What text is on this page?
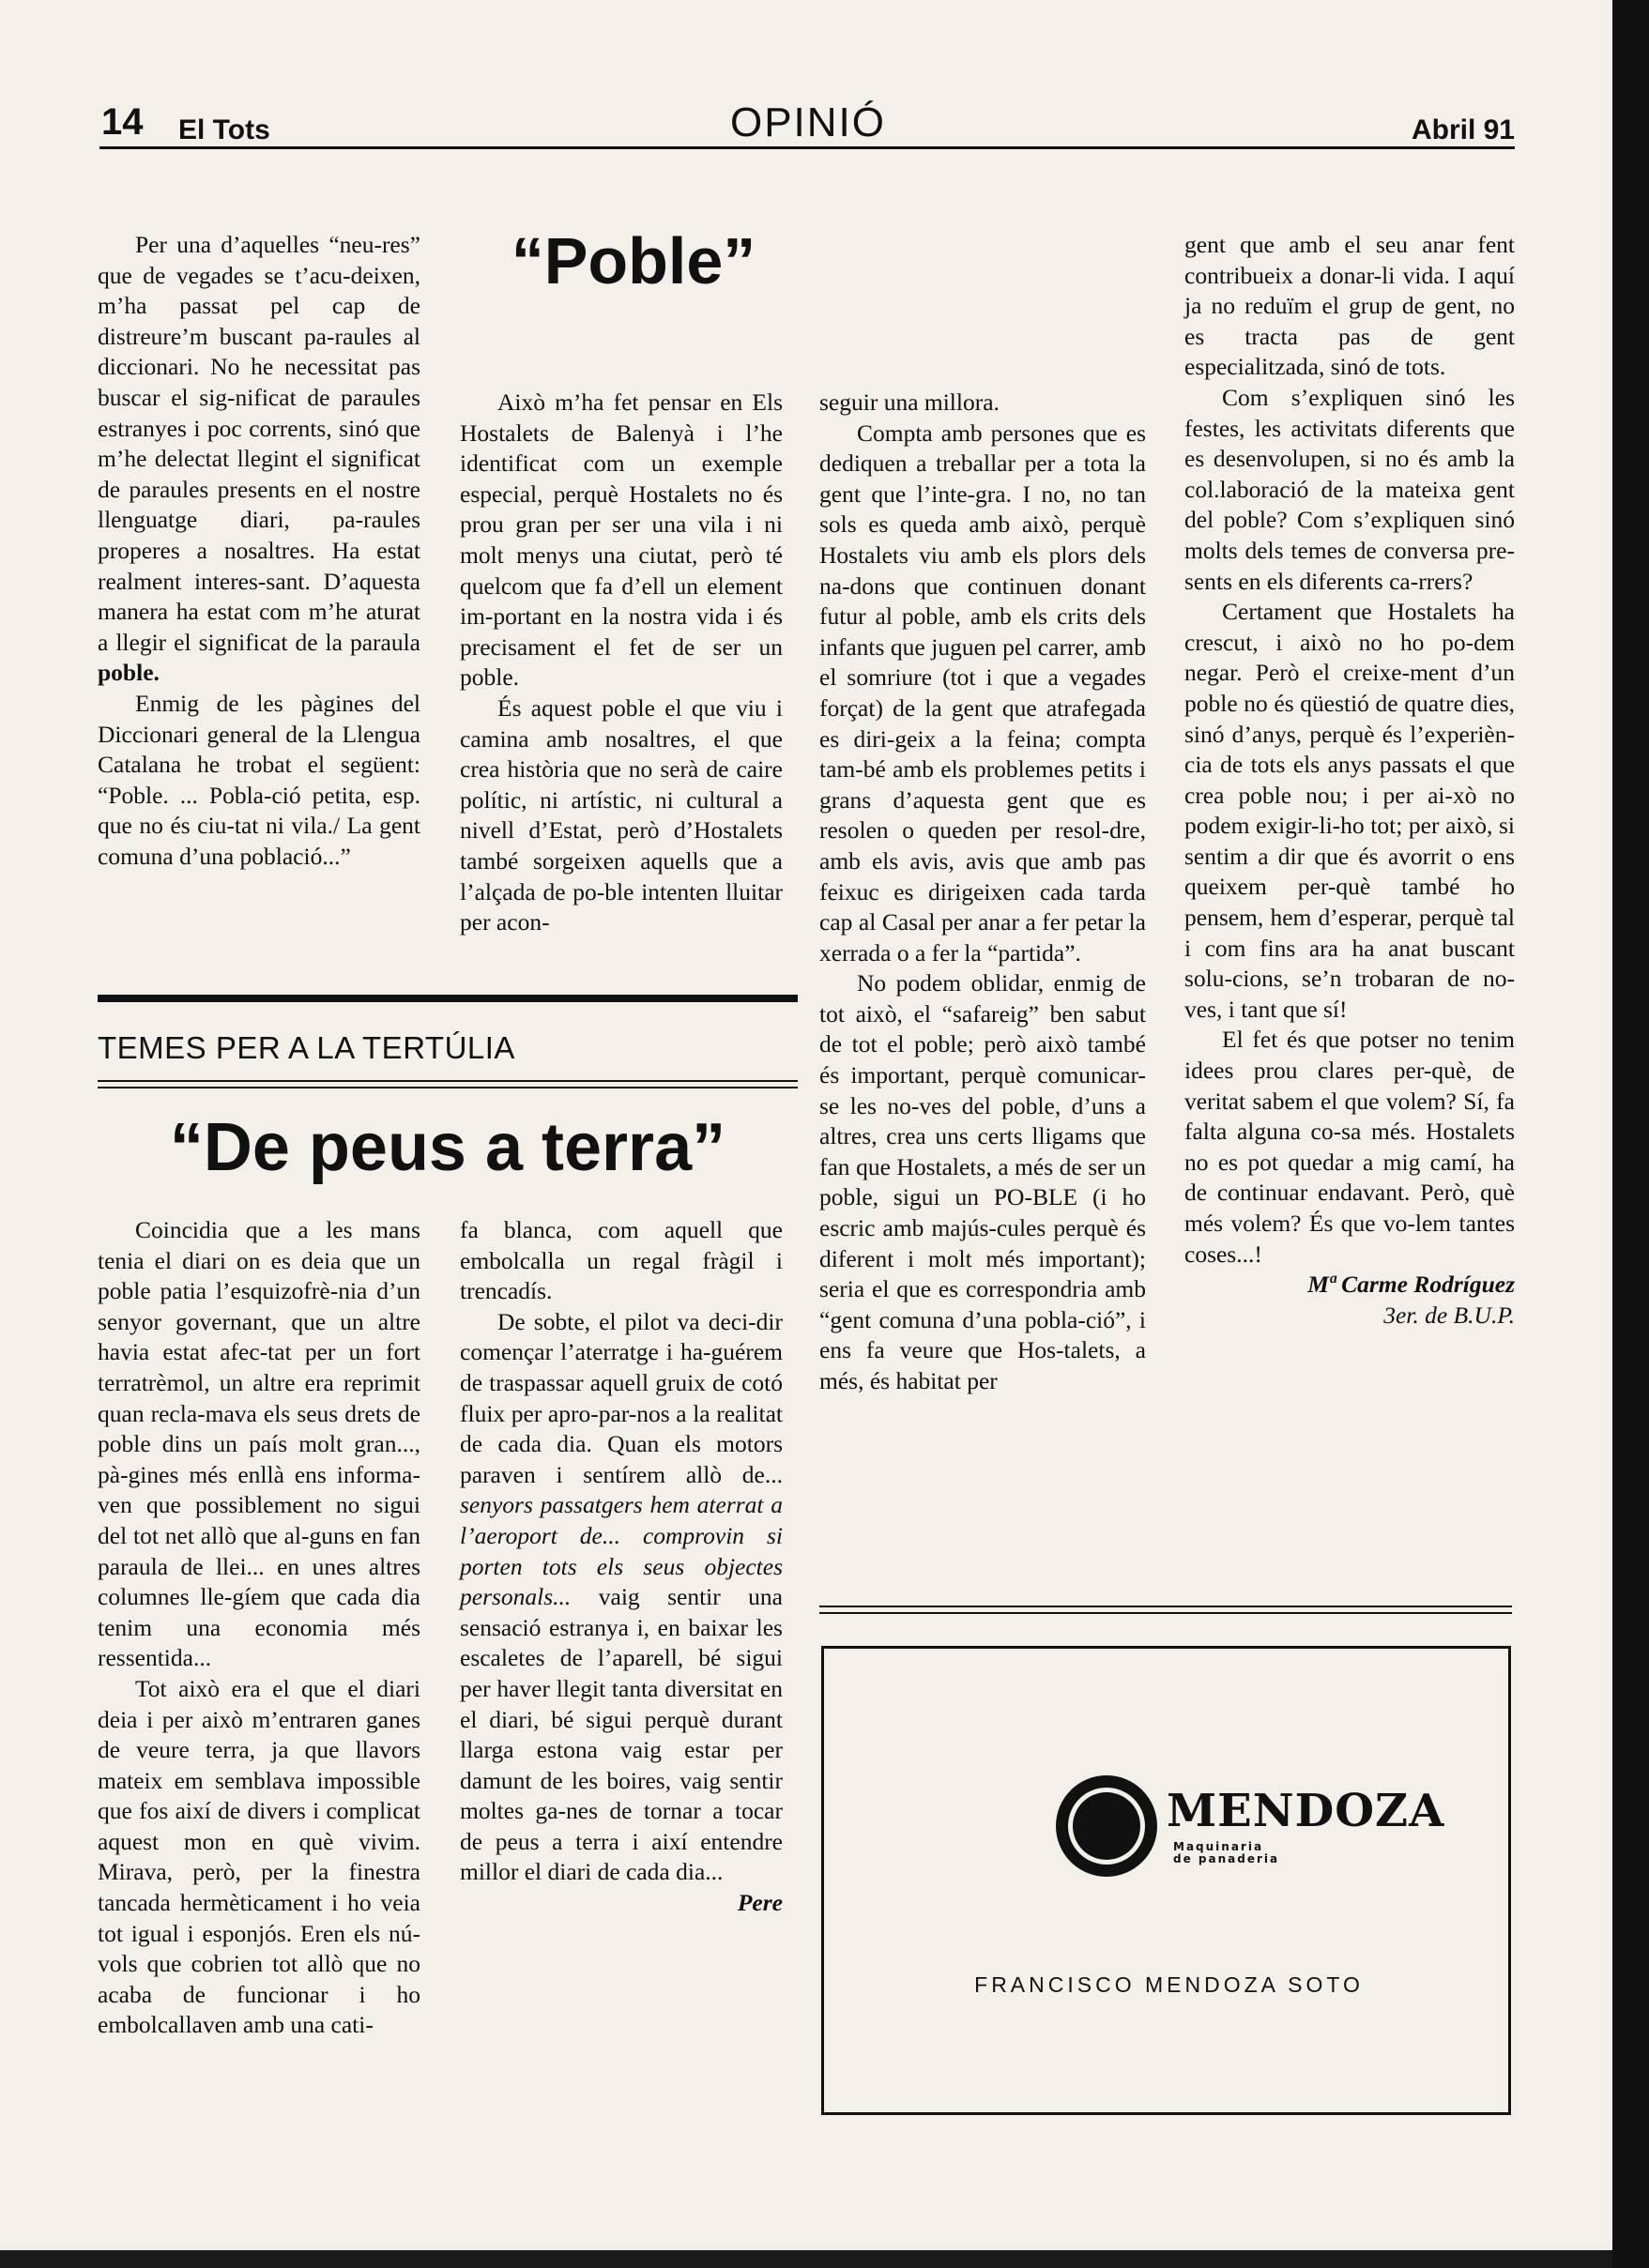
14 El Tots	OPINIÓ	Abril 91
“Poble”

Per una d’aquelles “neu-res” que de vegades se t’acu-deixen, m’ha passat pel cap de distreure’m buscant pa-raules al diccionari. No he necessitat pas buscar el sig-nificat de paraules estranyes i poc corrents, sinó que m’he delectat llegint el significat de paraules presents en el nostre llenguatge diari, pa-raules properes a nosaltres. Ha estat realment interes-sant. D’aquesta manera ha estat com m’he aturat a llegir el significat de la paraula poble.

Enmig de les pàgines del Diccionari general de la Llengua Catalana he trobat el següent: “Poble. ... Pobla-ció petita, esp. que no és ciu-tat ni vila./ La gent comuna d’una població...”

Això m’ha fet pensar en Els Hostalets de Balenyà i l’he identificat com un exemple especial, perquè Hostalets no és prou gran per ser una vila i ni molt menys una ciutat, però té quelcom que fa d’ell un element im-portant en la nostra vida i és precisament el fet de ser un poble.

És aquest poble el que viu i camina amb nosaltres, el que crea història que no serà de caire polític, ni artístic, ni cultural a nivell d’Estat, però d’Hostalets també sorgeixen aquells que a l’alçada de po-ble intenten lluitar per acon-

seguir una millora.

Compta amb persones que es dediquen a treballar per a tota la gent que l’inte-gra. I no, no tan sols es queda amb això, perquè Hostalets viu amb els plors dels na-dons que continuen donant futur al poble, amb els crits dels infants que juguen pel carrer, amb el somriure (tot i que a vegades forçat) de la gent que atrafegada es diri-geix a la feina; compta tam-bé amb els problemes petits i grans d’aquesta gent que es resolen o queden per resol-dre, amb els avis, avis que amb pas feixuc es dirigeixen cada tarda cap al Casal per anar a fer petar la xerrada o a fer la “partida”.

No podem oblidar, enmig de tot això, el “safareig” ben sabut de tot el poble; però això també és important, perquè comunicar-se les no-ves del poble, d’uns a altres, crea uns certs lligams que fan que Hostalets, a més de ser un poble, sigui un PO-BLE (i ho escric amb majús-cules perquè és diferent i molt més important); seria el que es correspondria amb “gent comuna d’una pobla-ció”, i ens fa veure que Hos-talets, a més, és habitat per

gent que amb el seu anar fent contribueix a donar-li vida. I aquí ja no reduïm el grup de gent, no es tracta pas de gent especialitzada, sinó de tots.

Com s’expliquen sinó les festes, les activitats diferents que es desenvolupen, si no és amb la col.laboració de la mateixa gent del poble? Com s’expliquen sinó molts dels temes de conversa pre-sents en els diferents ca-rrers?

Certament que Hostalets ha crescut, i això no ho po-dem negar. Però el creixe-ment d’un poble no és qüestió de quatre dies, sinó d’anys, perquè és l’experièn-cia de tots els anys passats el que crea poble nou; i per ai-xò no podem exigir-li-ho tot; per això, si sentim a dir que és avorrit o ens queixem per-què també ho pensem, hem d’esperar, perquè tal i com fins ara ha anat buscant solu-cions, se’n trobaran de no-ves, i tant que sí!

El fet és que potser no tenim idees prou clares per-què, de veritat sabem el que volem? Sí, fa falta alguna co-sa més. Hostalets no es pot quedar a mig camí, ha de continuar endavant. Però, què més volem? És que vo-lem tantes coses...!

Mª Carme Rodríguez
3er. de B.U.P.
TEMES PER A LA TERTÚLIA
“De peus a terra”

Coincidia que a les mans tenia el diari on es deia que un poble patia l’esquizofrè-nia d’un senyor governant, que un altre havia estat afec-tat per un fort terratrèmol, un altre era reprimit quan recla-mava els seus drets de poble dins un país molt gran..., pà-gines més enllà ens informa-ven que possiblement no sigui del tot net allò que al-guns en fan paraula de llei... en unes altres columnes lle-gíem que cada dia tenim una economia més ressentida...

Tot això era el que el diari deia i per això m’entraren ganes de veure terra, ja que llavors mateix em semblava impossible que fos així de divers i complicat aquest mon en què vivim. Mirava, però, per la finestra tancada hermèticament i ho veia tot igual i esponjós. Eren els nú-vols que cobrien tot allò que no acaba de funcionar i ho embolcallaven amb una cati-

fa blanca, com aquell que embolcalla un regal fràgil i trencadís.

De sobte, el pilot va deci-dir començar l’aterratge i ha-guérem de traspassar aquell gruix de cotó fluix per apro-par-nos a la realitat de cada dia. Quan els motors paraven i sentírem allò de... senyors passatgers hem aterrat a l’aeroport de... comprovin si porten tots els seus objectes personals... vaig sentir una sensació estranya i, en baixar les escaletes de l’aparell, bé sigui per haver llegit tanta diversitat en el diari, bé sigui perquè durant llarga estona vaig estar per damunt de les boires, vaig sentir moltes ga-nes de tornar a tocar de peus a terra i així entendre millor el diari de cada dia...

Pere
MENDOZA
Maquinaria
de panaderia
FRANCISCO MENDOZA SOTO
